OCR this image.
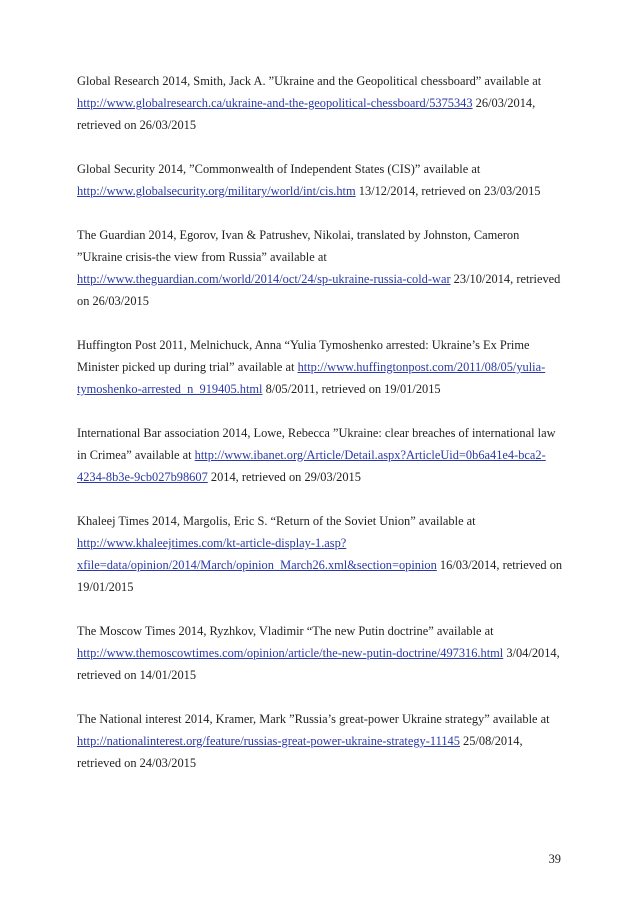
Global Research 2014, Smith, Jack A. ”Ukraine and the Geopolitical chessboard” available at http://www.globalresearch.ca/ukraine-and-the-geopolitical-chessboard/5375343 26/03/2014, retrieved on 26/03/2015

Global Security 2014, ”Commonwealth of Independent States (CIS)” available at http://www.globalsecurity.org/military/world/int/cis.htm 13/12/2014, retrieved on 23/03/2015

The Guardian 2014, Egorov, Ivan & Patrushev, Nikolai, translated by Johnston, Cameron ”Ukraine crisis-the view from Russia” available at http://www.theguardian.com/world/2014/oct/24/sp-ukraine-russia-cold-war 23/10/2014, retrieved on 26/03/2015

Huffington Post 2011, Melnichuck, Anna “Yulia Tymoshenko arrested: Ukraine’s Ex Prime Minister picked up during trial” available at http://www.huffingtonpost.com/2011/08/05/yulia-tymoshenko-arrested_n_919405.html 8/05/2011, retrieved on 19/01/2015

International Bar association 2014, Lowe, Rebecca ”Ukraine: clear breaches of international law in Crimea” available at http://www.ibanet.org/Article/Detail.aspx?ArticleUid=0b6a41e4-bca2-4234-8b3e-9cb027b98607 2014, retrieved on 29/03/2015

Khaleej Times 2014, Margolis, Eric S. “Return of the Soviet Union” available at http://www.khaleejtimes.com/kt-article-display-1.asp?xfile=data/opinion/2014/March/opinion_March26.xml&section=opinion 16/03/2014, retrieved on 19/01/2015

The Moscow Times 2014, Ryzhkov, Vladimir “The new Putin doctrine” available at http://www.themoscowtimes.com/opinion/article/the-new-putin-doctrine/497316.html 3/04/2014, retrieved on 14/01/2015

The National interest 2014, Kramer, Mark ”Russia’s great-power Ukraine strategy” available at http://nationalinterest.org/feature/russias-great-power-ukraine-strategy-11145 25/08/2014, retrieved on 24/03/2015

39
